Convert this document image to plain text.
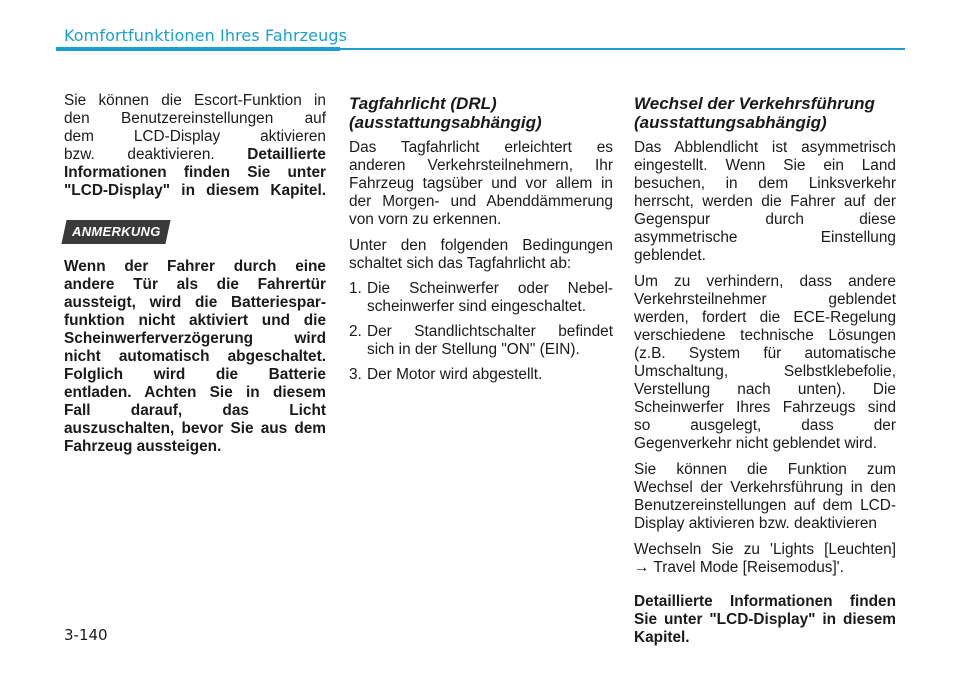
Komfortfunktionen Ihres Fahrzeugs

Sie können die Escort-Funktion in

den Benutzereinstellungen auf

dem LCD-Display aktivieren

bzw. deaktivieren. Detaillierte

Informationen finden Sie unter

"LCD-Display" in diesem Kapitel.

ANMERKUNG

Wenn der Fahrer durch eine

andere Tür als die Fahrertür

aussteigt, wird die Batteriespar-

funktion nicht aktiviert und die

Scheinwerferverzögerung wird

nicht automatisch abgeschaltet.

Folglich wird die Batterie

entladen. Achten Sie in diesem

Fall darauf, das Licht

auszuschalten, bevor Sie aus dem

Fahrzeug aussteigen.

Tagfahrlicht (DRL)
(ausstattungsabhängig)

Das Tagfahrlicht erleichtert es

anderen Verkehrsteilnehmern, Ihr

Fahrzeug tagsüber und vor allem in

der Morgen- und Abenddämmerung

von vorn zu erkennen.

Unter den folgenden Bedingungen

schaltet sich das Tagfahrlicht ab:

1. Die Scheinwerfer oder Nebel-
scheinwerfer sind eingeschaltet.
2. Der Standlichtschalter befindet
sich in der Stellung "ON" (EIN).
3. Der Motor wird abgestellt.
Wechsel der Verkehrsführung
(ausstattungsabhängig)

Das Abblendlicht ist asymmetrisch

eingestellt. Wenn Sie ein Land

besuchen, in dem Linksverkehr

herrscht, werden die Fahrer auf der

Gegenspur durch diese

asymmetrische Einstellung

geblendet.

Um zu verhindern, dass andere

Verkehrsteilnehmer geblendet

werden, fordert die ECE-Regelung

verschiedene technische Lösungen

(z.B. System für automatische

Umschaltung, Selbstklebefolie,

Verstellung nach unten). Die

Scheinwerfer Ihres Fahrzeugs sind

so ausgelegt, dass der

Gegenverkehr nicht geblendet wird.

Sie können die Funktion zum

Wechsel der Verkehrsführung in den

Benutzereinstellungen auf dem LCD-

Display aktivieren bzw. deaktivieren

Wechseln Sie zu 'Lights [Leuchten]

→ Travel Mode [Reisemodus]'.

Detaillierte Informationen finden

Sie unter "LCD-Display" in diesem

Kapitel.

3-140
